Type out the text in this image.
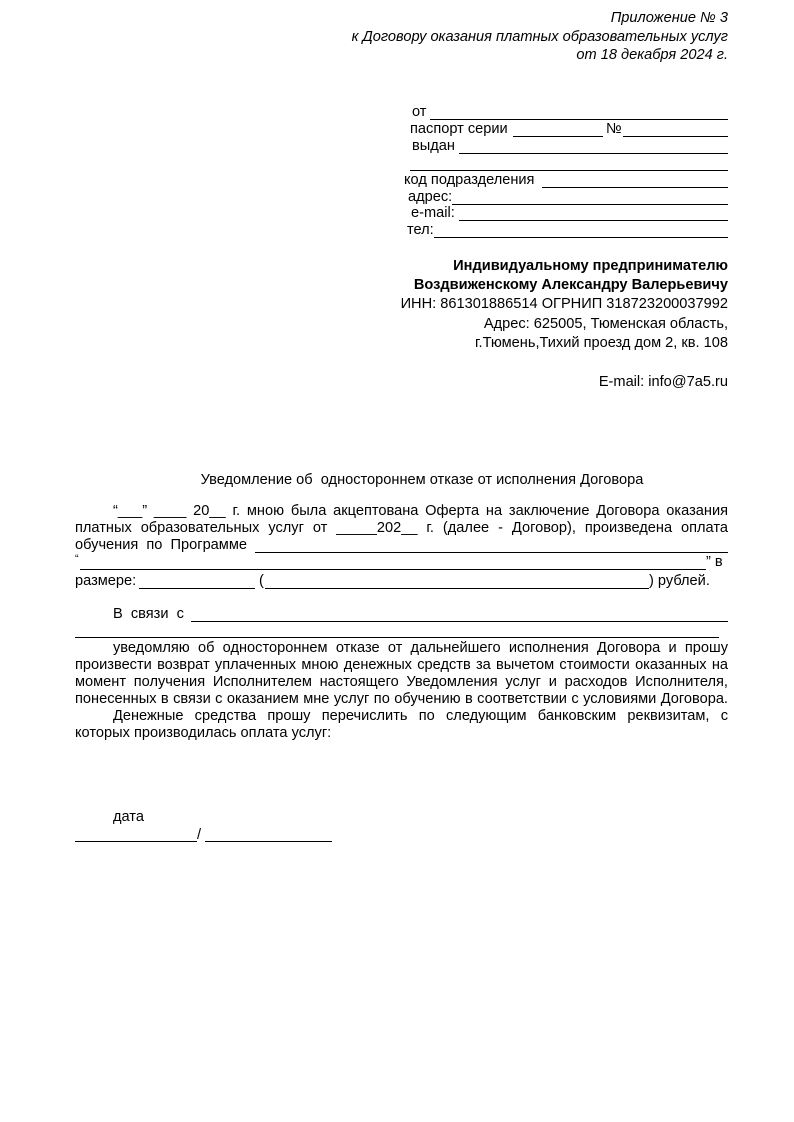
Приложение № 3
к Договору оказания платных образовательных услуг
от 18 декабря 2024 г.
от
паспорт серии	№
выдан
код подразделения
адрес:
e-mail:
тел:
Индивидуальному предпринимателю
Воздвиженскому Александру Валерьевичу
ИНН: 861301886514 ОГРНИП 318723200037992
Адрес: 625005, Тюменская область,
г.Тюмень,Тихий проезд дом 2, кв. 108
E-mail: info@7a5.ru
Уведомление об  одностороннем отказе от исполнения Договора
“___” ____ 20__ г. мною была акцептована Оферта на заключение Договора оказания
платных образовательных услуг от _____202__ г. (далее - Договор), произведена оплата
обучения  по  Программе
“	” в
размере:	(	) рублей.
В  связи  с
уведомляю об одностороннем отказе от дальнейшего исполнения Договора и прошу
произвести возврат уплаченных мною денежных средств за вычетом стоимости оказанных на
момент получения Исполнителем настоящего Уведомления услуг и расходов Исполнителя,
понесенных в связи с оказанием мне услуг по обучению в соответствии с условиями Договора.
Денежные средства прошу перечислить по следующим банковским реквизитам, с
которых производилась оплата услуг:
дата
/
